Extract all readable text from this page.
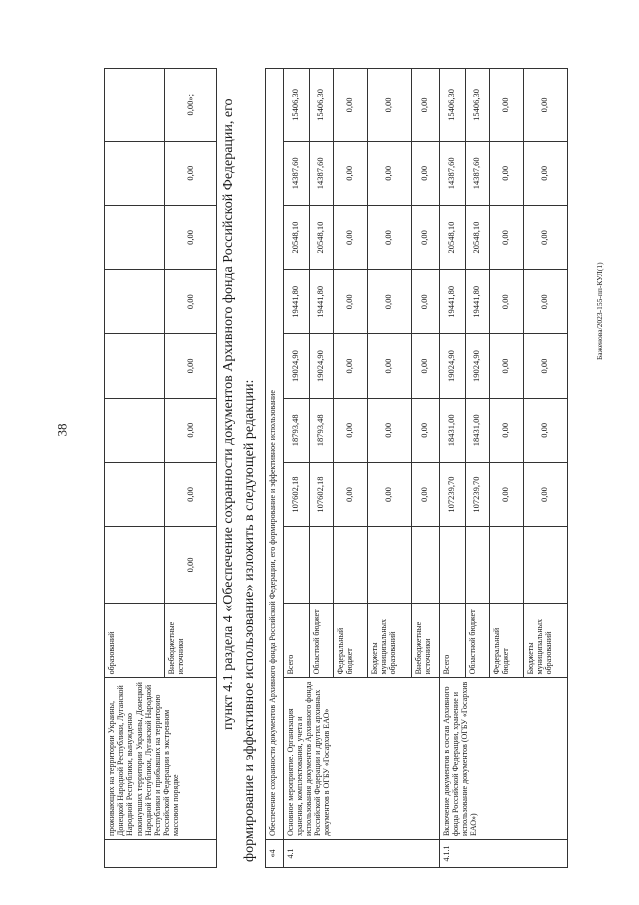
38
Баженова/2023-155-пп-КУЛ(1)
	проживающих на территории Украины, Донецкой Народной Республики, Луганской Народной Республики, вынужденно покинувших территории Украины, Донецкой Народной Республики, Луганской Народной Республики и прибывших на территорию Российской Федерации в экстренном массовом порядке	образований								
		Внебюджетные источники	0,00	0,00	0,00	0,00	0,00	0,00	0,00	0,00»; пункт 4.1 раздела 4 «Обеспечение сохранности документов Архивного фонда Российской Федерации, его формирование и эффективное использование» изложить в следующей редакции:	«4	Обеспечение сохранности документов Архивного фонда Российской Федерации, его формирование и эффективное использование									
4.1	Основное мероприятие. Организация хранения, комплектования, учета и использования документов Архивного фонда Российской Федерации и других архивных документов в ОГБУ «Госархив ЕАО»	Всего		107602,18	18793,48	19024,90	19441,80	20548,10	14387,60	15406,30
		Областной бюджет		107602,18	18793,48	19024,90	19441,80	20548,10	14387,60	15406,30
		Федеральный бюджет		0,00	0,00	0,00	0,00	0,00	0,00	0,00
		Бюджеты муниципальных образований		0,00	0,00	0,00	0,00	0,00	0,00	0,00
		Внебюджетные источники		0,00	0,00	0,00	0,00	0,00	0,00	0,00
4.1.1	Включение документов в состав Архивного фонда Российской Федерации, хранение и использование документов (ОГБУ «Госархив ЕАО»)	Всего		107239,70	18431,00	19024,90	19441,80	20548,10	14387,60	15406,30
		Областной бюджет		107239,70	18431,00	19024,90	19441,80	20548,10	14387,60	15406,30
		Федеральный бюджет		0,00	0,00	0,00	0,00	0,00	0,00	0,00
		Бюджеты муниципальных образований		0,00	0,00	0,00	0,00	0,00	0,00	0,00
